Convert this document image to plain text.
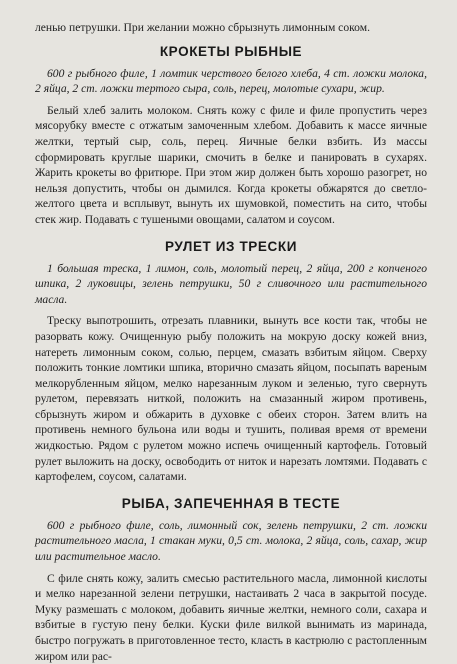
ленью петрушки. При желании можно сбрызнуть лимонным соком.

КРОКЕТЫ РЫБНЫЕ

600 г рыбного филе, 1 ломтик черствого белого хлеба, 4 ст. ложки молока, 2 яйца, 2 ст. ложки тертого сыра, соль, перец, молотые сухари, жир.

Белый хлеб залить молоком. Снять кожу с филе и филе пропустить через мясорубку вместе с отжатым замоченным хлебом. Добавить к массе яичные желтки, тертый сыр, соль, перец. Яичные белки взбить. Из массы сформировать круглые шарики, смочить в белке и панировать в сухарях. Жарить крокеты во фритюре. При этом жир должен быть хорошо разогрет, но нельзя допустить, чтобы он дымился. Когда крокеты обжарятся до светло-желтого цвета и всплывут, вынуть их шумовкой, поместить на сито, чтобы стек жир. Подавать с тушеными овощами, салатом и соусом.

РУЛЕТ ИЗ ТРЕСКИ

1 большая треска, 1 лимон, соль, молотый перец, 2 яйца, 200 г копченого шпика, 2 луковицы, зелень петрушки, 50 г сливочного или растительного масла.

Треску выпотрошить, отрезать плавники, вынуть все кости так, чтобы не разорвать кожу. Очищенную рыбу положить на мокрую доску кожей вниз, натереть лимонным соком, солью, перцем, смазать взбитым яйцом. Сверху положить тонкие ломтики шпика, вторично смазать яйцом, посыпать вареным мелкорубленным яйцом, мелко нарезанным луком и зеленью, туго свернуть рулетом, перевязать ниткой, положить на смазанный жиром противень, сбрызнуть жиром и обжарить в духовке с обеих сторон. Затем влить на противень немного бульона или воды и тушить, поливая время от времени жидкостью. Рядом с рулетом можно испечь очищенный картофель. Готовый рулет выложить на доску, освободить от ниток и нарезать ломтями. Подавать с картофелем, соусом, салатами.

РЫБА, ЗАПЕЧЕННАЯ В ТЕСТЕ

600 г рыбного филе, соль, лимонный сок, зелень петрушки, 2 ст. ложки растительного масла, 1 стакан муки, 0,5 ст. молока, 2 яйца, соль, сахар, жир или растительное масло.

С филе снять кожу, залить смесью растительного масла, лимонной кислоты и мелко нарезанной зелени петрушки, настаивать 2 часа в закрытой посуде. Муку размешать с молоком, добавить яичные желтки, немного соли, сахара и взбитые в густую пену белки. Куски филе вилкой вынимать из маринада, быстро погружать в приготовленное тесто, класть в кастрюлю с растопленным жиром или рас-
